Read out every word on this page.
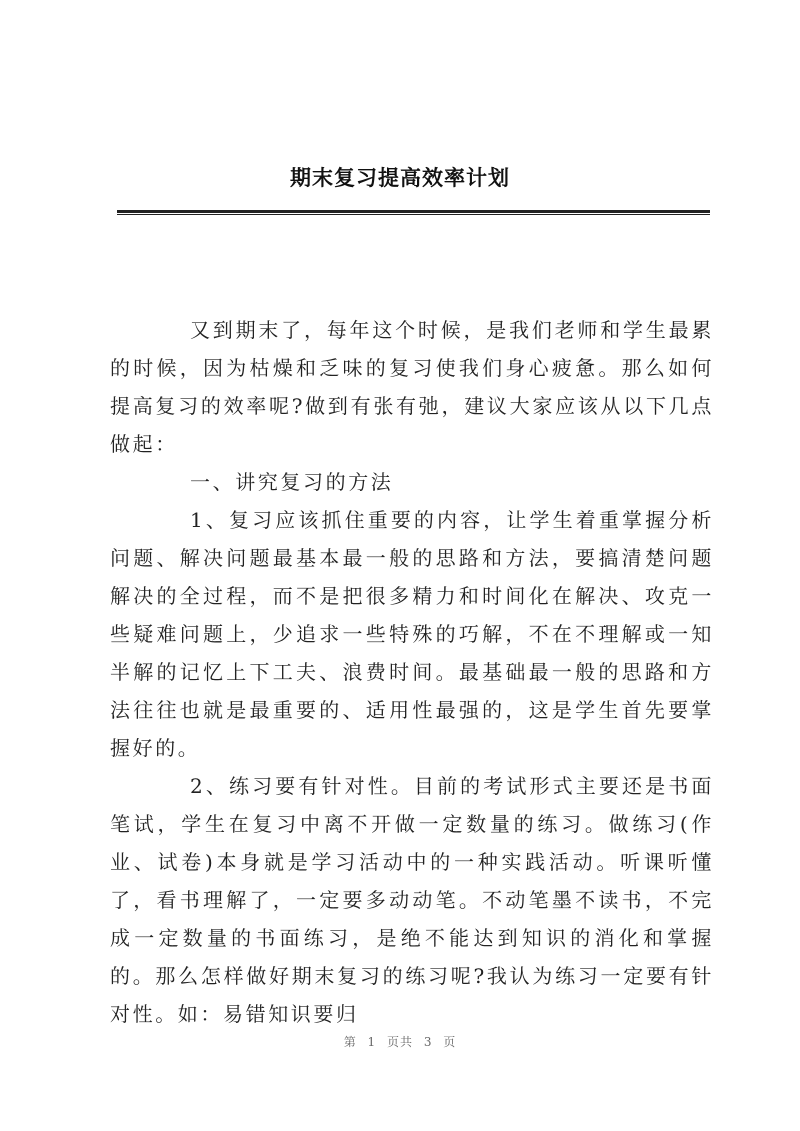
期末复习提高效率计划

又到期末了，每年这个时候，是我们老师和学生最累的时候，因为枯燥和乏味的复习使我们身心疲惫。那么如何提高复习的效率呢?做到有张有弛，建议大家应该从以下几点做起：

一、讲究复习的方法

1、复习应该抓住重要的内容，让学生着重掌握分析问题、解决问题最基本最一般的思路和方法，要搞清楚问题解决的全过程，而不是把很多精力和时间化在解决、攻克一些疑难问题上，少追求一些特殊的巧解，不在不理解或一知半解的记忆上下工夫、浪费时间。最基础最一般的思路和方法往往也就是最重要的、适用性最强的，这是学生首先要掌握好的。

2、练习要有针对性。目前的考试形式主要还是书面笔试，学生在复习中离不开做一定数量的练习。做练习(作业、试卷)本身就是学习活动中的一种实践活动。听课听懂了，看书理解了，一定要多动动笔。不动笔墨不读书，不完成一定数量的书面练习，是绝不能达到知识的消化和掌握的。那么怎样做好期末复习的练习呢?我认为练习一定要有针对性。如：易错知识要归

第 1 页共 3 页
